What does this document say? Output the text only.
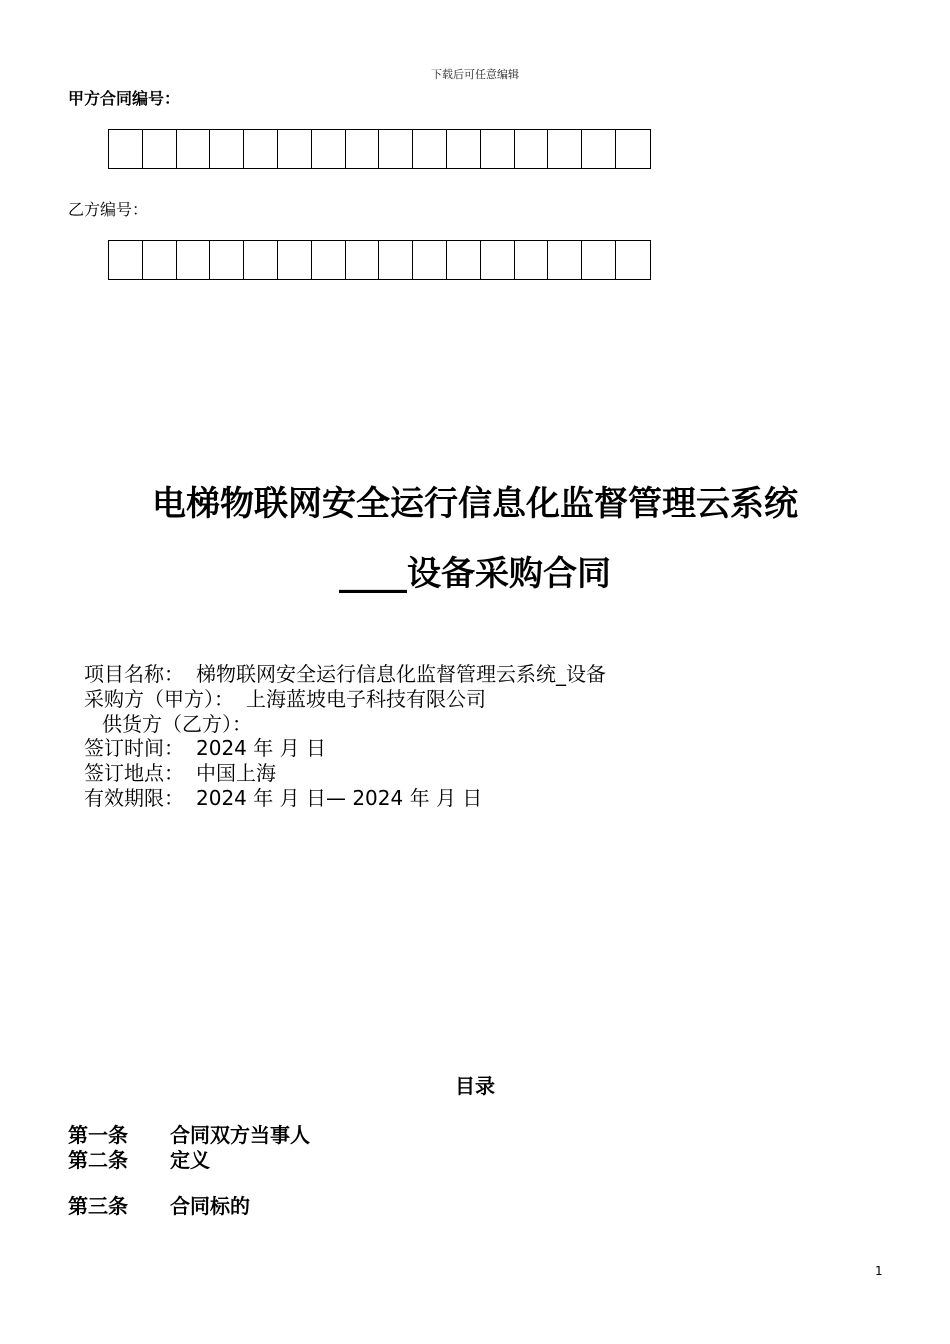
下载后可任意编辑
甲方合同编号：
乙方编号：
电梯物联网安全运行信息化监督管理云系统
____设备采购合同
项目名称： 梯物联网安全运行信息化监督管理云系统_设备
采购方（甲方）： 上海蓝坡电子科技有限公司
供货方（乙方）：
签订时间： 2024 年 月 日
签订地点： 中国上海
有效期限： 2024 年 月 日— 2024 年 月 日
目录
第一条 合同双方当事人
第二条 定义
第三条 合同标的
1
